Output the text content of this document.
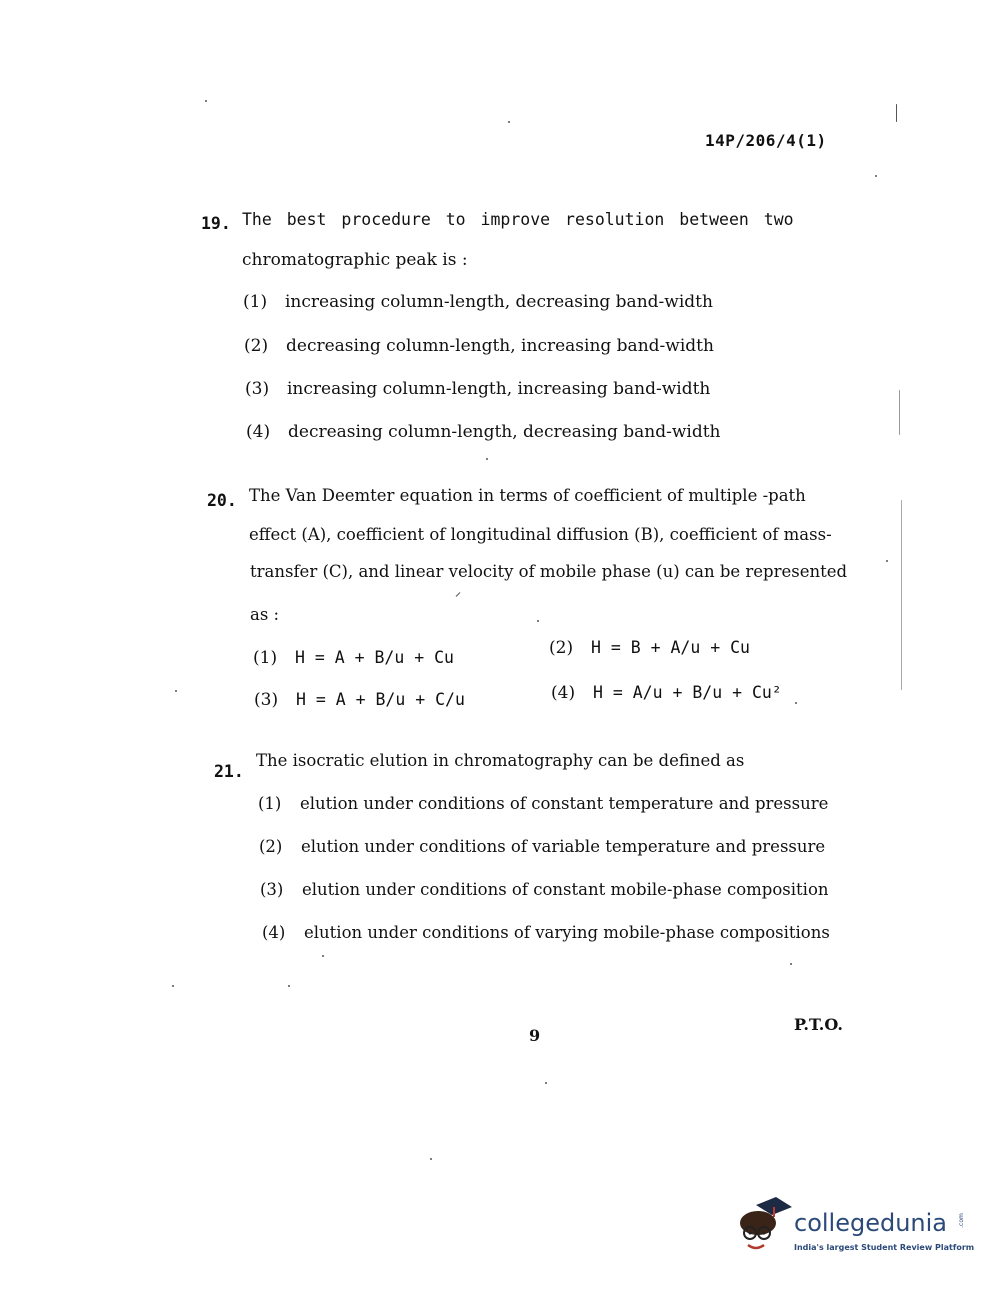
14P/206/4(1)
19. The best procedure to improve resolution between two
chromatographic peak is :
(1) increasing column-length, decreasing band-width
(2) decreasing column-length, increasing band-width
(3) increasing column-length, increasing band-width
(4) decreasing column-length, decreasing band-width
20. The Van Deemter equation in terms of coefficient of multiple -path
effect (A), coefficient of longitudinal diffusion (B), coefficient of mass-
transfer (C), and linear velocity of mobile phase (u) can be represented
as :
(1) H = A + B/u + Cu	(2) H = B + A/u + Cu
(3) H = A + B/u + C/u	(4) H = A/u + B/u + Cu²
21.
The isocratic elution in chromatography can be defined as
(1) elution under conditions of constant temperature and pressure
(2) elution under conditions of variable temperature and pressure
(3) elution under conditions of constant mobile-phase composition
(4) elution under conditions of varying mobile-phase compositions
9
P.T.O.
collegedunia .com
India's largest Student Review Platform
